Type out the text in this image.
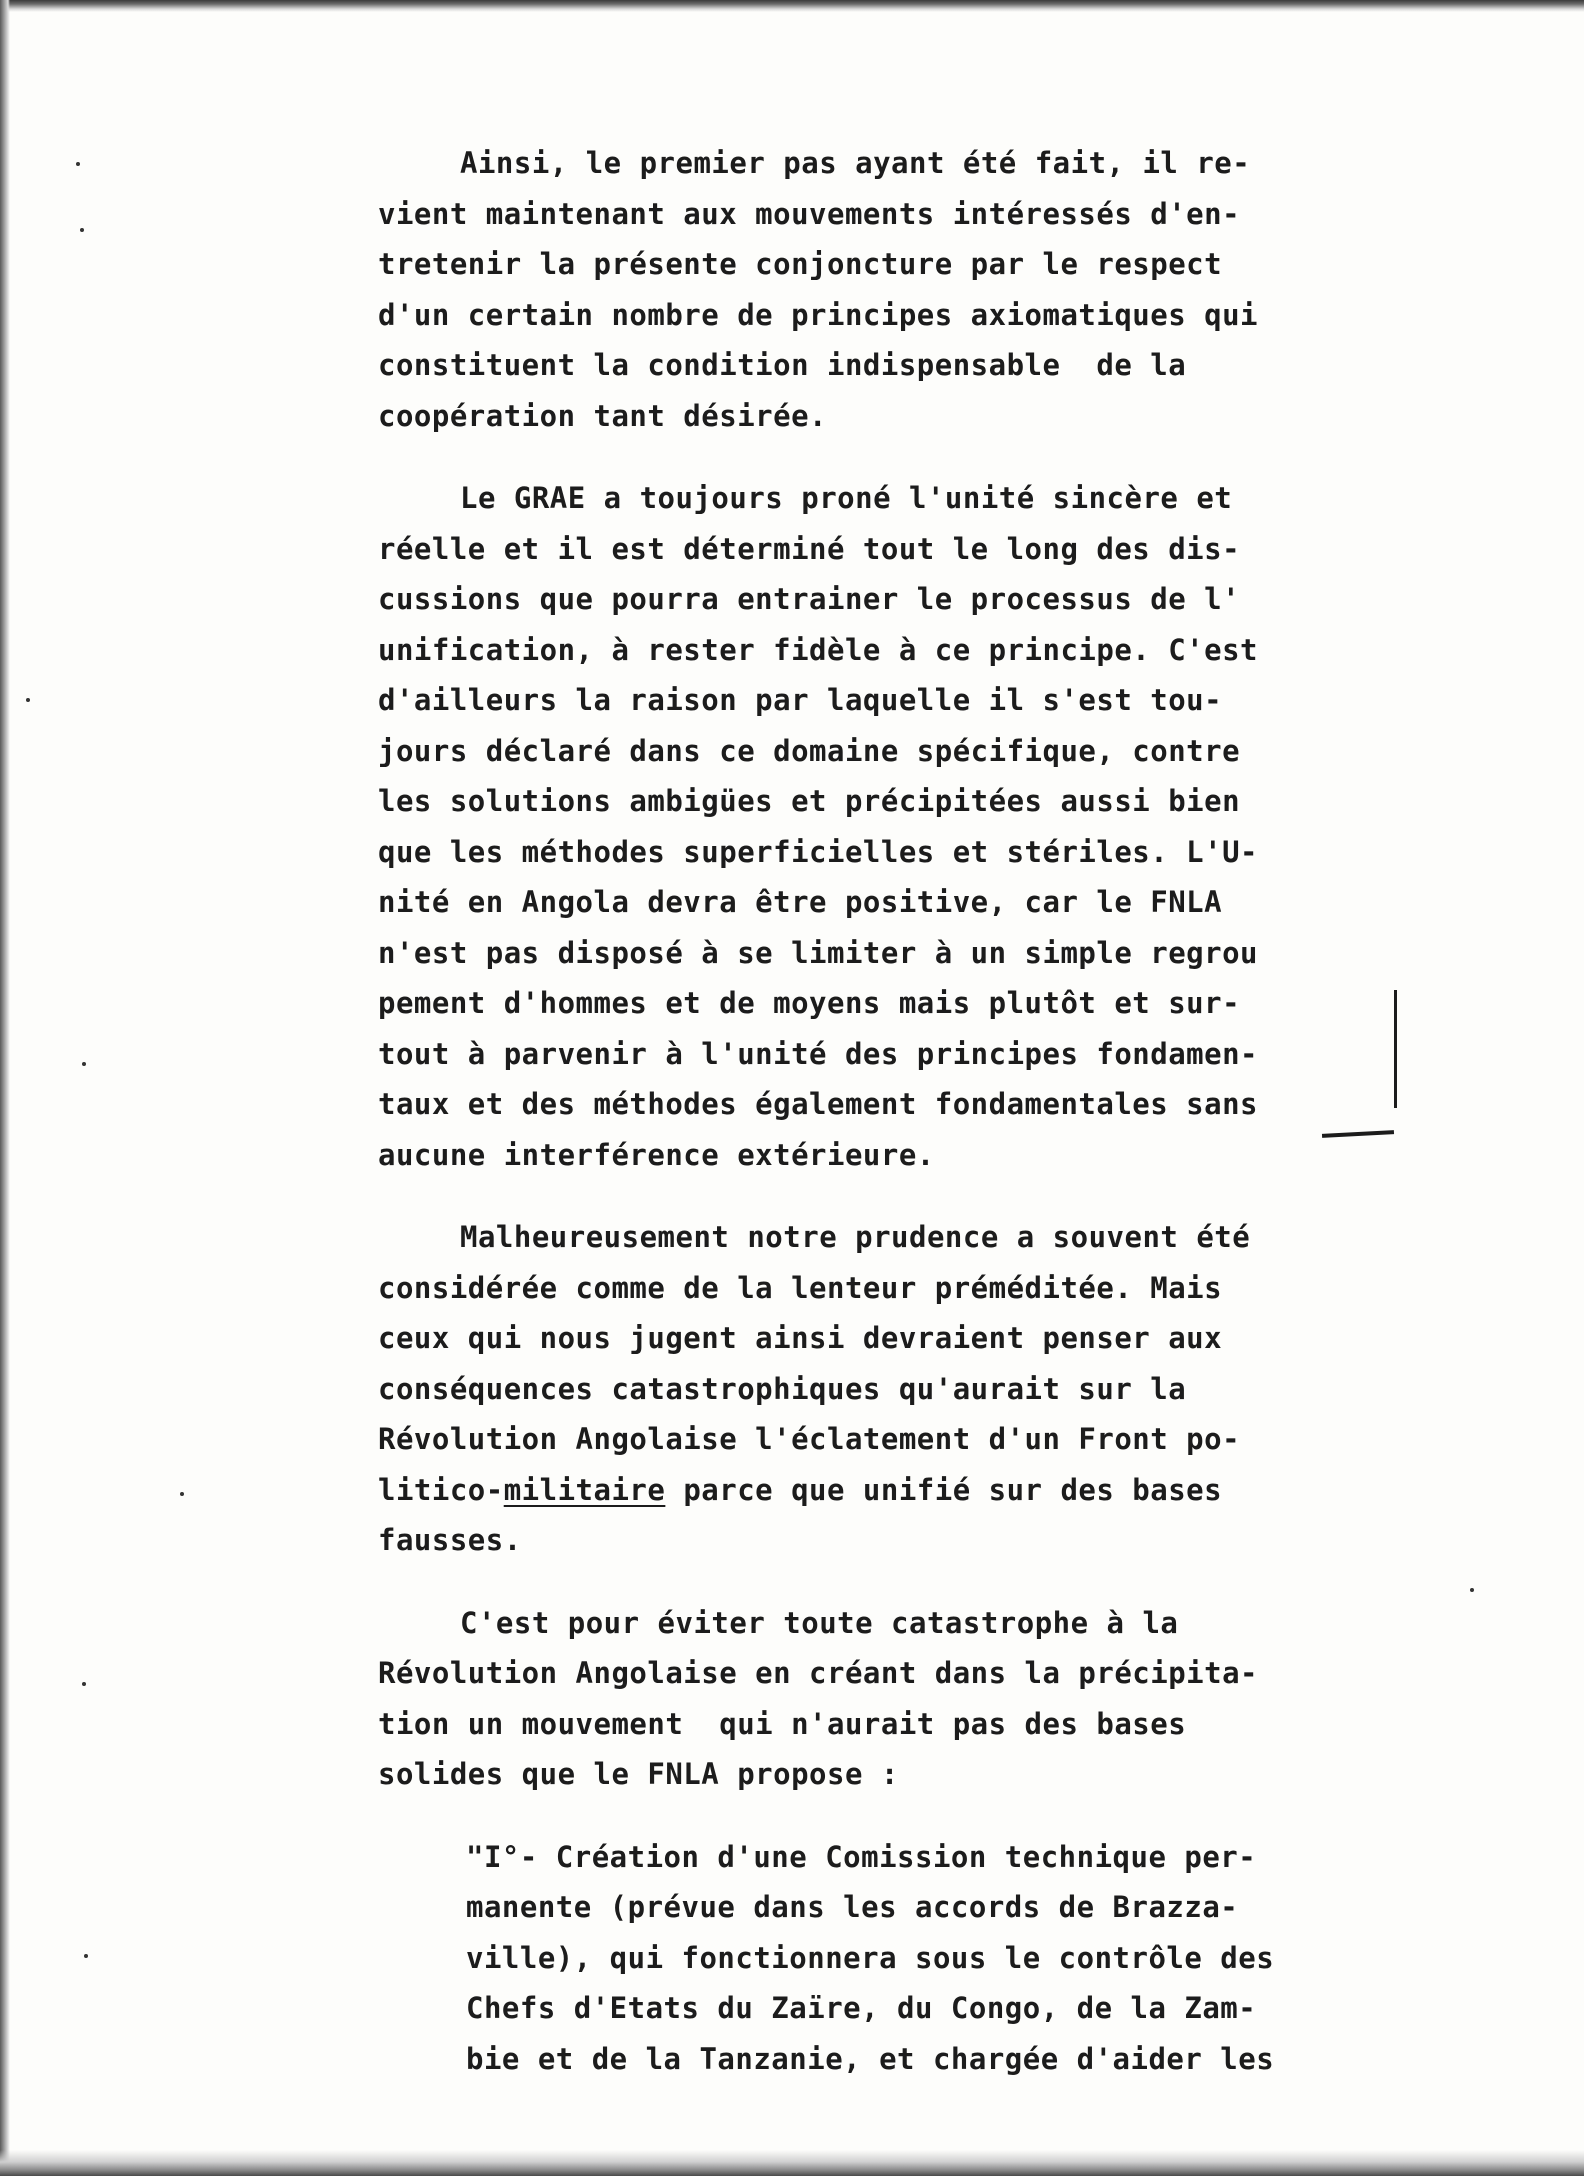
Ainsi, le premier pas ayant été fait, il re-
vient maintenant aux mouvements intéressés d'en-
tretenir la présente conjoncture par le respect
d'un certain nombre de principes axiomatiques qui
constituent la condition indispensable  de la
coopération tant désirée.
Le GRAE a toujours proné l'unité sincère et
réelle et il est déterminé tout le long des dis-
cussions que pourra entrainer le processus de l'
unification, à rester fidèle à ce principe. C'est
d'ailleurs la raison par laquelle il s'est tou-
jours déclaré dans ce domaine spécifique, contre
les solutions ambigües et précipitées aussi bien
que les méthodes superficielles et stériles. L'U-
nité en Angola devra être positive, car le FNLA
n'est pas disposé à se limiter à un simple regrou
pement d'hommes et de moyens mais plutôt et sur-
tout à parvenir à l'unité des principes fondamen-
taux et des méthodes également fondamentales sans
aucune interférence extérieure.
Malheureusement notre prudence a souvent été
considérée comme de la lenteur préméditée. Mais
ceux qui nous jugent ainsi devraient penser aux
conséquences catastrophiques qu'aurait sur la
Révolution Angolaise l'éclatement d'un Front po-
litico-militaire parce que unifié sur des bases
fausses.
C'est pour éviter toute catastrophe à la
Révolution Angolaise en créant dans la précipita-
tion un mouvement  qui n'aurait pas des bases
solides que le FNLA propose :
"I°- Création d'une Comission technique per-
manente (prévue dans les accords de Brazza-
ville), qui fonctionnera sous le contrôle des
Chefs d'Etats du Zaïre, du Congo, de la Zam-
bie et de la Tanzanie, et chargée d'aider les
